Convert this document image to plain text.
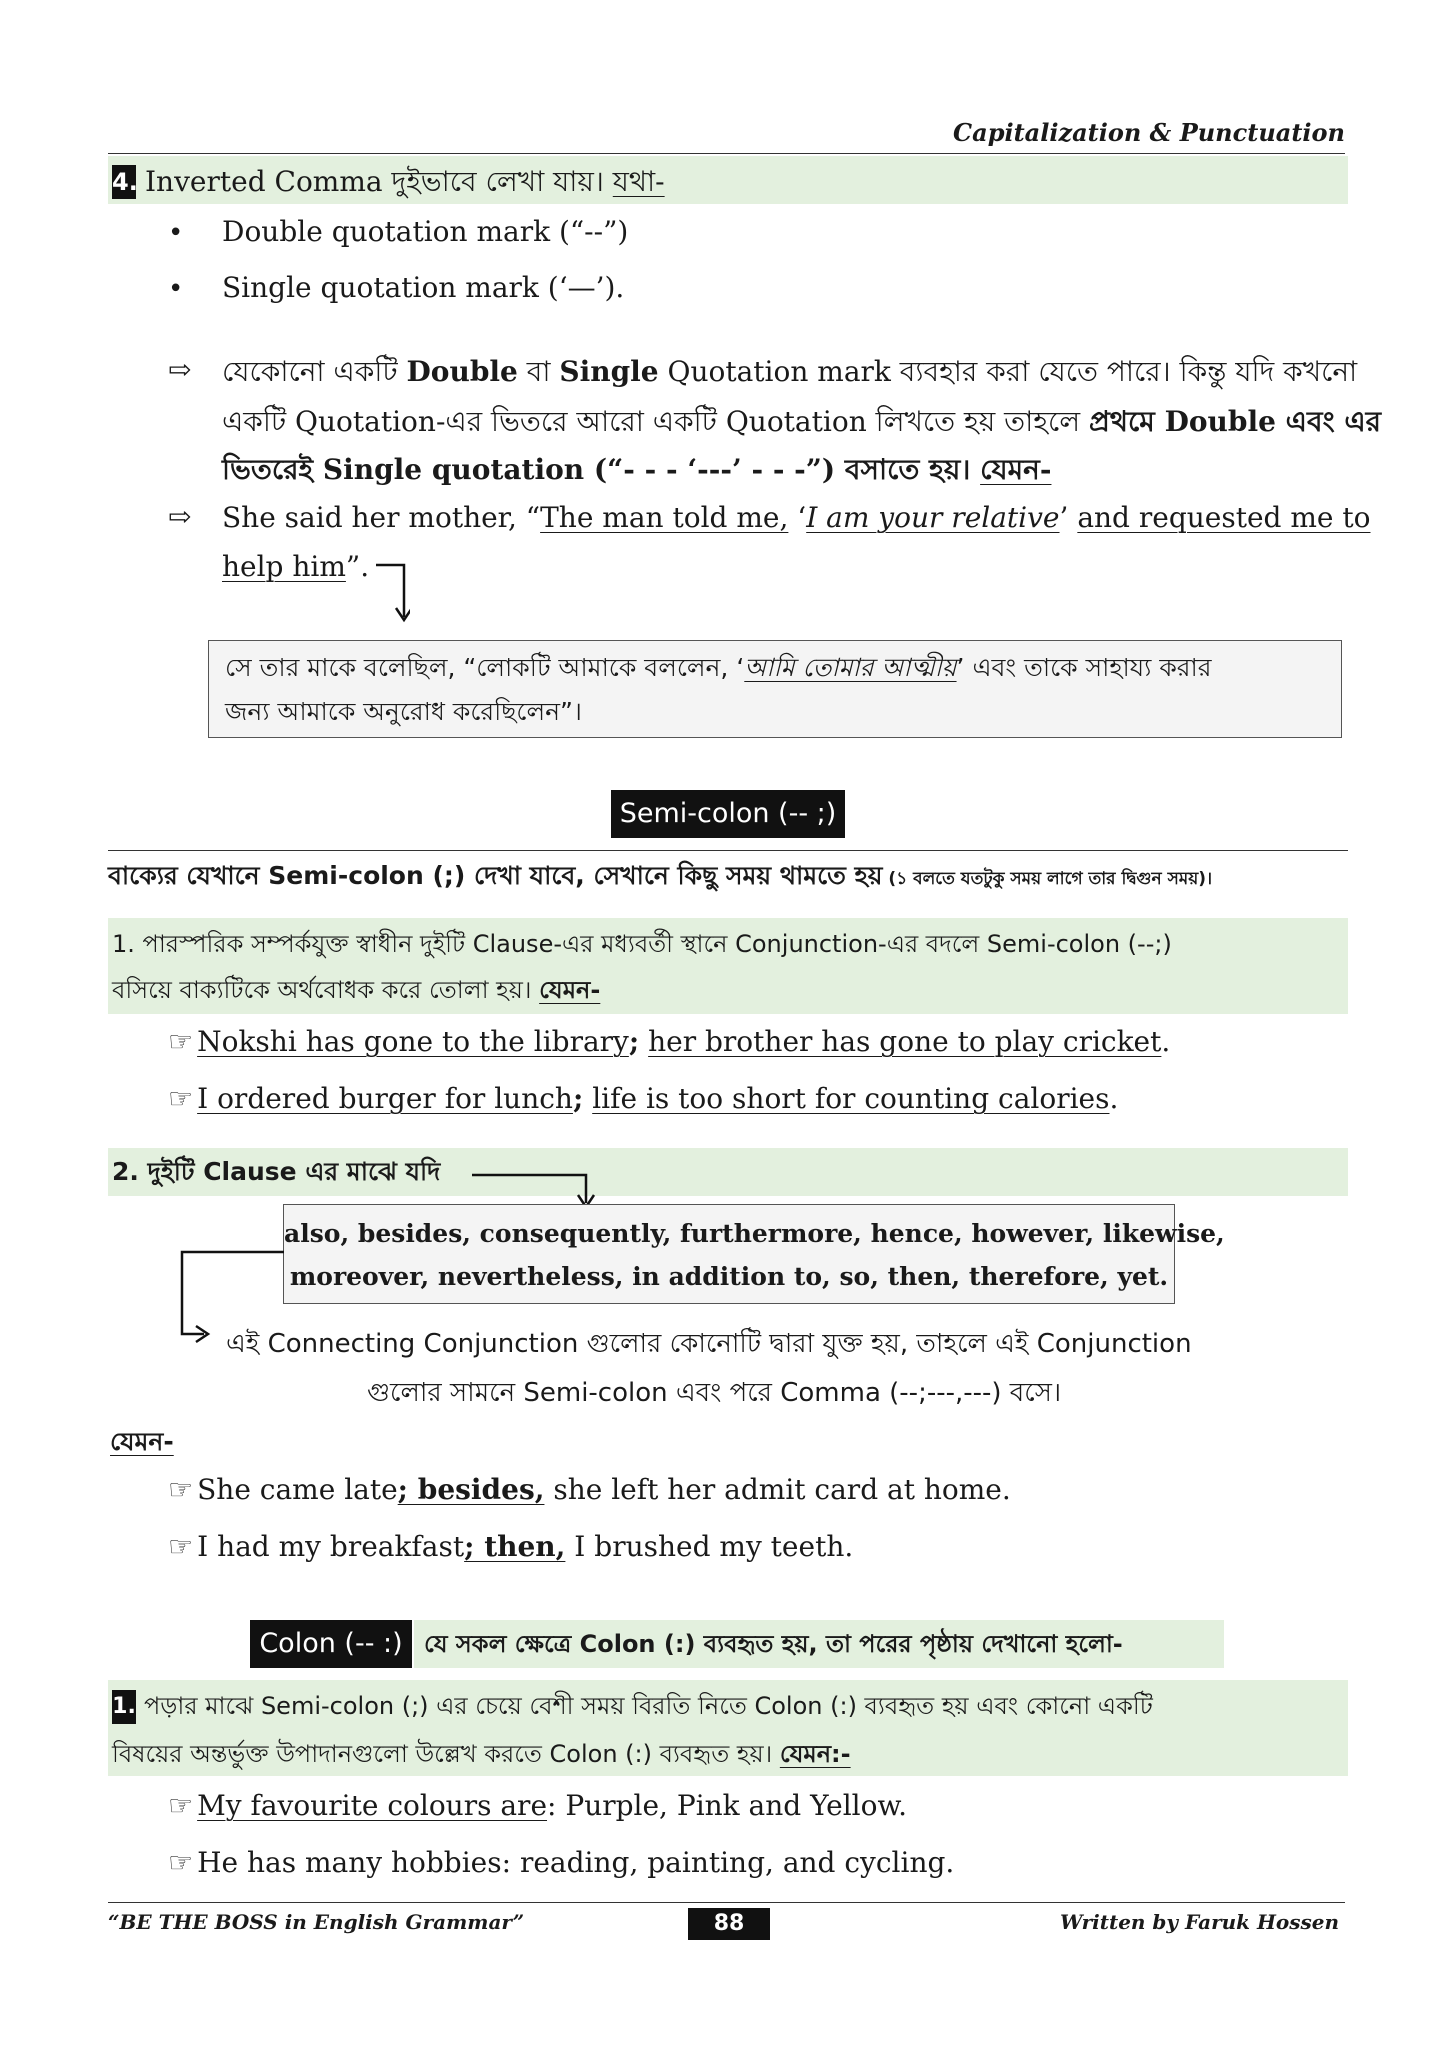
Capitalization & Punctuation
4. Inverted Comma দুইভাবে লেখা যায়। যথা-
• Double quotation mark (“--”)
• Single quotation mark (‘—’).
⇨ যেকোনো একটি Double বা Single Quotation mark ব্যবহার করা যেতে পারে। কিন্তু যদি কখনো
একটি Quotation-এর ভিতরে আরো একটি Quotation লিখতে হয় তাহলে প্রথমে Double এবং এর
ভিতরেই Single quotation (“- - - ‘---’ - - -”) বসাতে হয়। যেমন-
⇨ She said her mother, “The man told me, ‘I am your relative’ and requested me to
help him”.
সে তার মাকে বলেছিল, “লোকটি আমাকে বললেন, ‘আমি তোমার আত্মীয়’ এবং তাকে সাহায্য করার
জন্য আমাকে অনুরোধ করেছিলেন”।
Semi-colon (-- ;)
বাক্যের যেখানে Semi-colon (;) দেখা যাবে, সেখানে কিছু সময় থামতে হয় (১ বলতে যতটুকু সময় লাগে তার দ্বিগুন সময়)।
1. পারস্পরিক সম্পর্কযুক্ত স্বাধীন দুইটি Clause-এর মধ্যবর্তী স্থানে Conjunction-এর বদলে Semi-colon (--;)
বসিয়ে বাক্যটিকে অর্থবোধক করে তোলা হয়। যেমন-
☞ Nokshi has gone to the library; her brother has gone to play cricket.
☞ I ordered burger for lunch; life is too short for counting calories.
2. দুইটি Clause এর মাঝে যদি
also, besides, consequently, furthermore, hence, however, likewise,
moreover, nevertheless, in addition to, so, then, therefore, yet.
এই Connecting Conjunction গুলোর কোনোটি দ্বারা যুক্ত হয়, তাহলে এই Conjunction
গুলোর সামনে Semi-colon এবং পরে Comma (--;---,---) বসে।
যেমন-
☞ She came late; besides, she left her admit card at home.
☞ I had my breakfast; then, I brushed my teeth.
Colon (-- :) যে সকল ক্ষেত্রে Colon (:) ব্যবহৃত হয়, তা পরের পৃষ্ঠায় দেখানো হলো-
1. পড়ার মাঝে Semi-colon (;) এর চেয়ে বেশী সময় বিরতি নিতে Colon (:) ব্যবহৃত হয় এবং কোনো একটি
বিষয়ের অন্তর্ভুক্ত উপাদানগুলো উল্লেখ করতে Colon (:) ব্যবহৃত হয়। যেমন:-
☞ My favourite colours are: Purple, Pink and Yellow.
☞ He has many hobbies: reading, painting, and cycling.
“BE THE BOSS in English Grammar”	88	Written by Faruk Hossen
